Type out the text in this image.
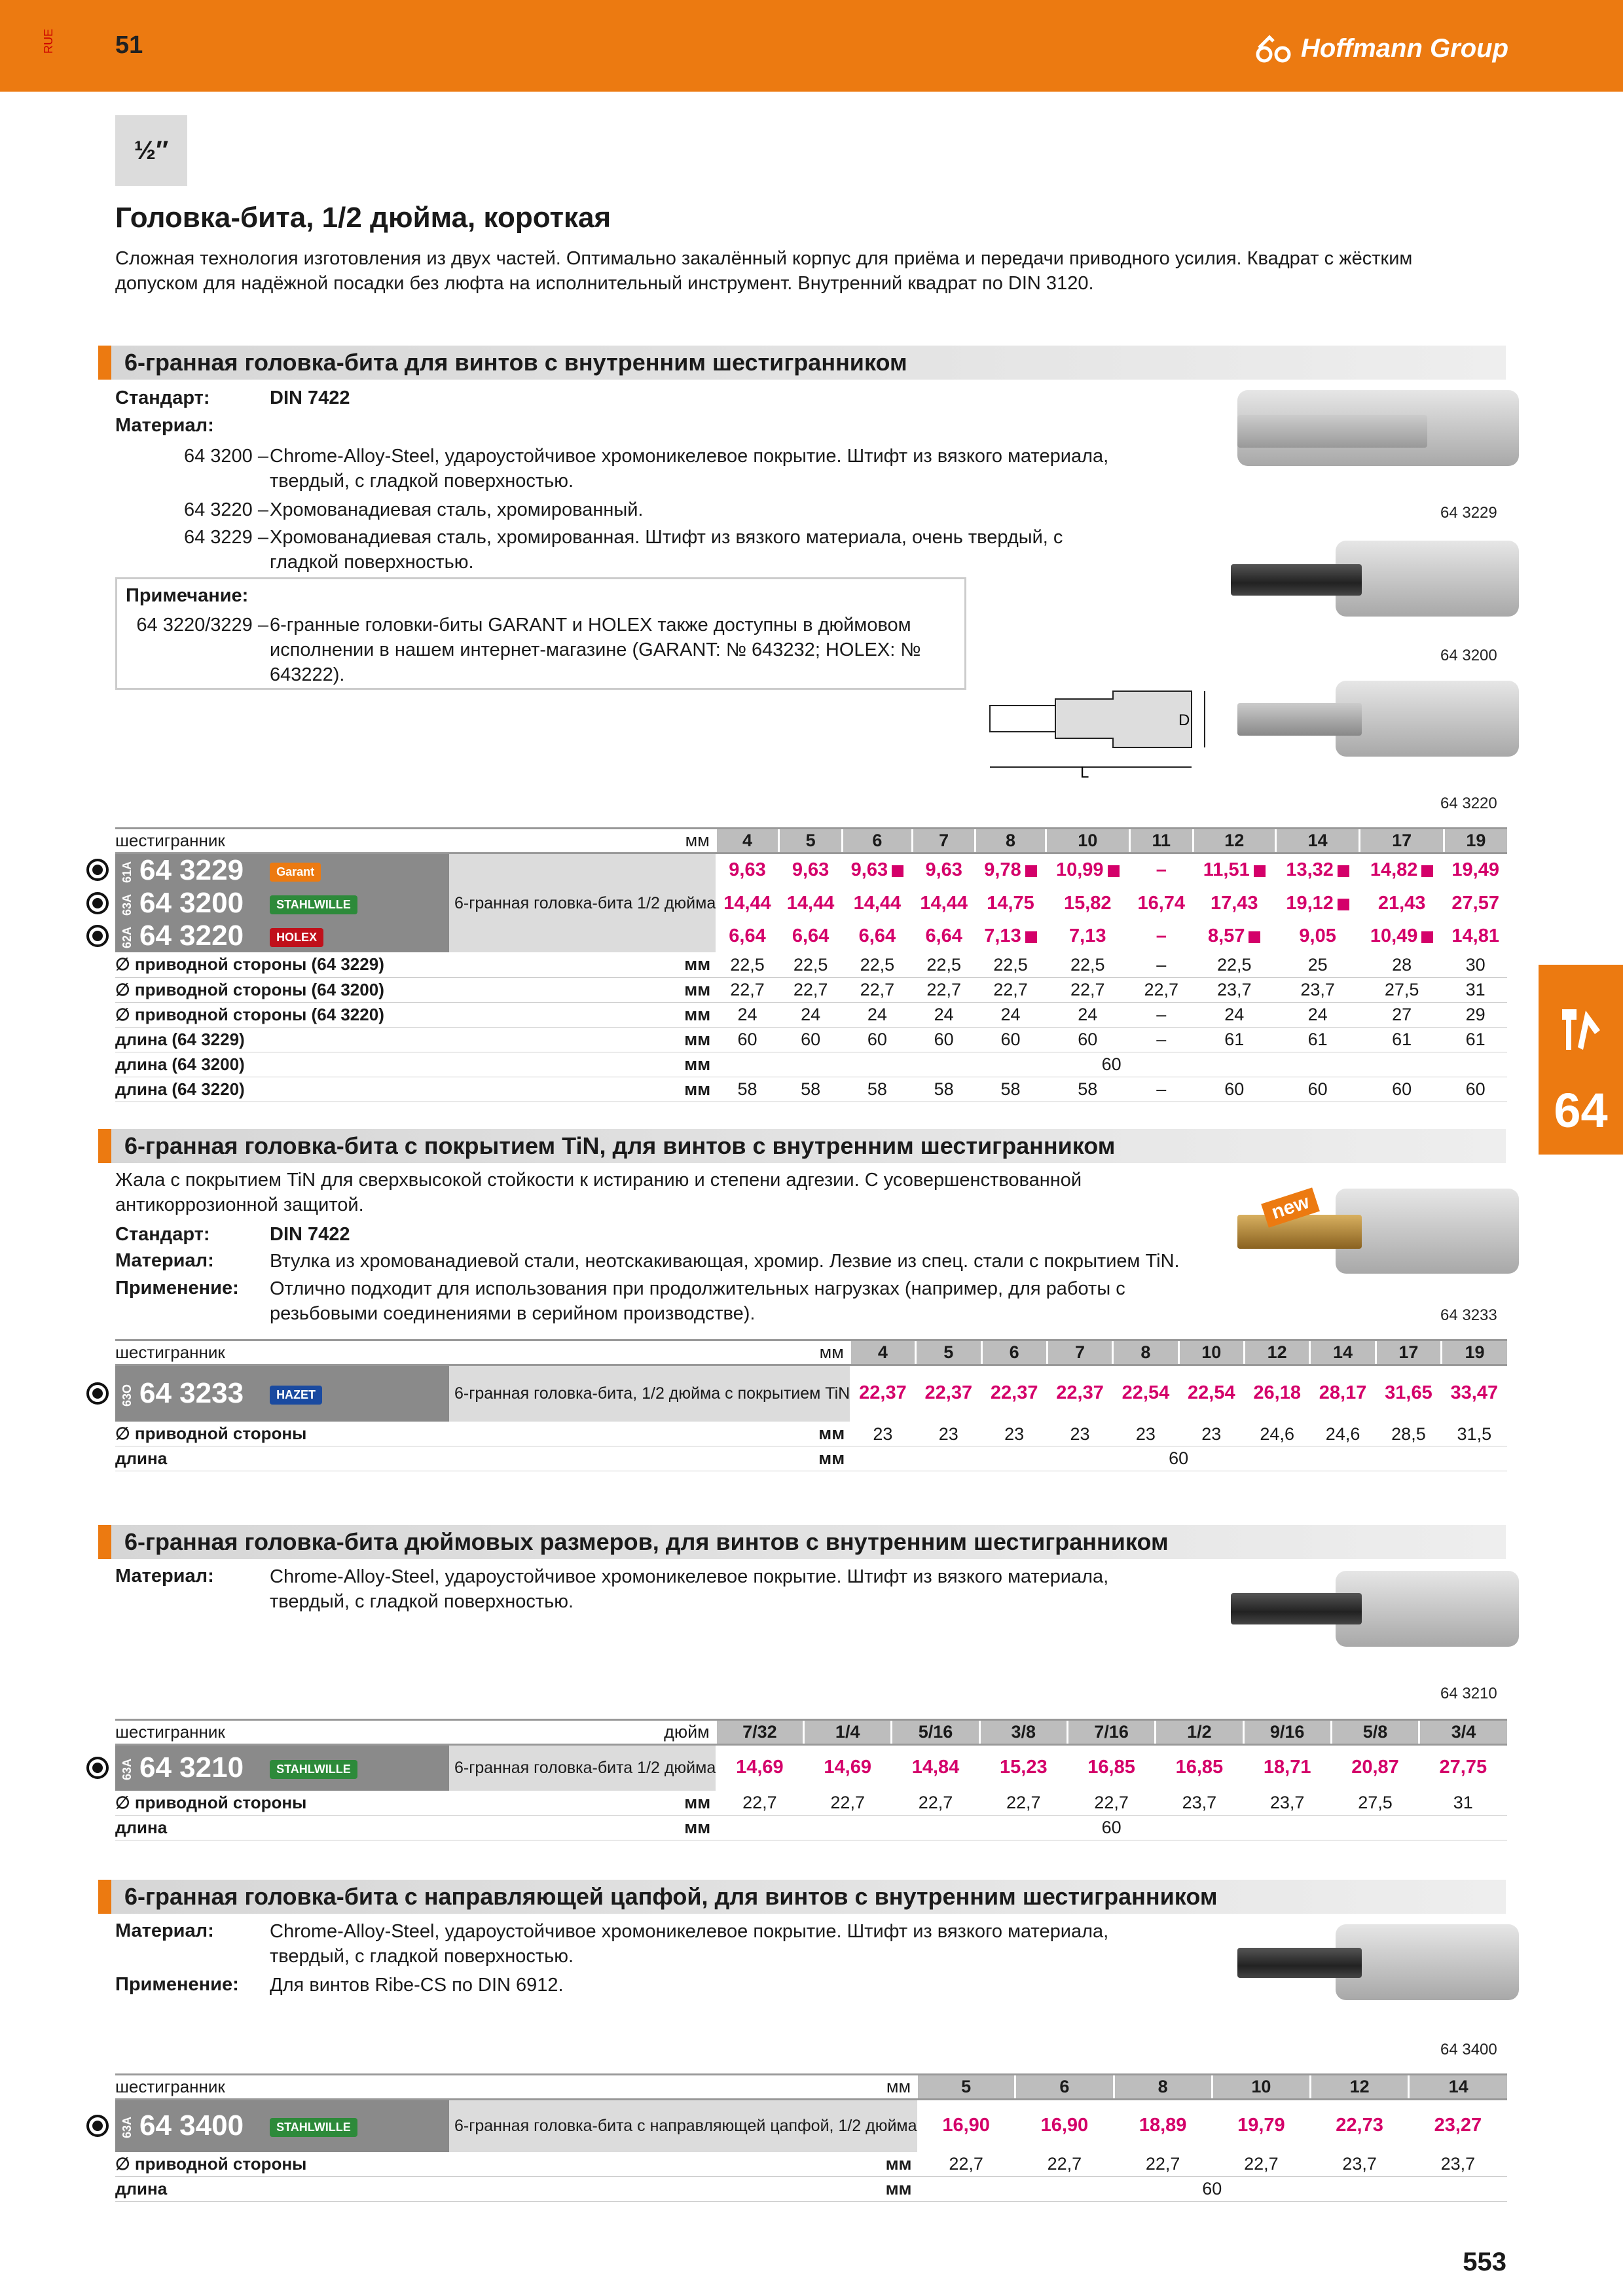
RUE 51	Hoffmann Group
½″
Головка-бита, 1/2 дюйма, короткая
Сложная технология изготовления из двух частей. Оптимально закалённый корпус для приёма и передачи приводного усилия. Квадрат с жёстким допуском для надёжной посадки без люфта на исполнительный инструмент. Внутренний квадрат по DIN 3120.
6-гранная головка-бита для винтов с внутренним шестигранником
Стандарт:	DIN 7422
Материал:
64 3200 – Chrome-Alloy-Steel, удароустойчивое хромоникелевое покрытие. Штифт из вязкого материала, твердый, с гладкой поверхностью.
64 3220 – Хромованадиевая сталь, хромированный.
64 3229 – Хромованадиевая сталь, хромированная. Штифт из вязкого материала, очень твердый, с гладкой поверхностью.
Примечание:
64 3220/3229 – 6-гранные головки-биты GARANT и HOLEX также доступны в дюймовом исполнении в нашем интернет-магазине (GARANT: № 643232; HOLEX: № 643222).
64 3229
64 3200
64 3220
D
L
шестигранник	мм	4	5	6	7	8	10	11	12	14	17	19
61A 64 3229 Garant	6-гранная головка-бита 1/2 дюйма	9,63	9,63	9,63	9,63	9,78	10,99	–	11,51	13,32	14,82	19,49
63A 64 3200 STAHLWILLE		14,44	14,44	14,44	14,44	14,75	15,82	16,74	17,43	19,12	21,43	27,57
62A 64 3220 HOLEX		6,64	6,64	6,64	6,64	7,13	7,13	–	8,57	9,05	10,49	14,81
∅ приводной стороны (64 3229)	мм	22,5	22,5	22,5	22,5	22,5	22,5	–	22,5	25	28	30
∅ приводной стороны (64 3200)	мм	22,7	22,7	22,7	22,7	22,7	22,7	22,7	23,7	23,7	27,5	31
∅ приводной стороны (64 3220)	мм	24	24	24	24	24	24	–	24	24	27	29
длина (64 3229)	мм	60	60	60	60	60	60	–	61	61	61	61
длина (64 3200)	мм	60										
длина (64 3220)	мм	58	58	58	58	58	58	–	60	60	60	60
6-гранная головка-бита с покрытием TiN, для винтов с внутренним шестигранником
Жала с покрытием TiN для сверхвысокой стойкости к истиранию и степени адгезии. С усовершенствованной антикоррозионной защитой.
Стандарт:	DIN 7422
Материал:	Втулка из хромованадиевой стали, неотскакивающая, хромир. Лезвие из спец. стали с покрытием TiN.
Применение: Отлично подходит для использования при продолжительных нагрузках (например, для работы с резьбовыми соединениями в серийном производстве).
new
64 3233
шестигранник	мм	4	5	6	7	8	10	12	14	17	19
63O 64 3233 HAZET	6-гранная головка-бита, 1/2 дюйма с покрытием TiN	22,37	22,37	22,37	22,37	22,54	22,54	26,18	28,17	31,65	33,47
∅ приводной стороны	мм	23	23	23	23	23	23	24,6	24,6	28,5	31,5
длина	мм	60									
6-гранная головка-бита дюймовых размеров, для винтов с внутренним шестигранником
Материал:	Chrome-Alloy-Steel, удароустойчивое хромоникелевое покрытие. Штифт из вязкого материала, твердый, с гладкой поверхностью.
64 3210
шестигранник	дюйм	7/32	1/4	5/16	3/8	7/16	1/2	9/16	5/8	3/4
63A 64 3210 STAHLWILLE	6-гранная головка-бита 1/2 дюйма	14,69	14,69	14,84	15,23	16,85	16,85	18,71	20,87	27,75
∅ приводной стороны	мм	22,7	22,7	22,7	22,7	22,7	23,7	23,7	27,5	31
длина	мм	60								
6-гранная головка-бита с направляющей цапфой, для винтов с внутренним шестигранником
Материал:	Chrome-Alloy-Steel, удароустойчивое хромоникелевое покрытие. Штифт из вязкого материала, твердый, с гладкой поверхностью.
Применение: Для винтов Ribe-CS по DIN 6912.
64 3400
шестигранник	мм	5	6	8	10	12	14
63A 64 3400 STAHLWILLE	6-гранная головка-бита с направляющей цапфой, 1/2 дюйма	16,90	16,90	18,89	19,79	22,73	23,27
∅ приводной стороны	мм	22,7	22,7	22,7	22,7	23,7	23,7
длина	мм	60					
64
553
